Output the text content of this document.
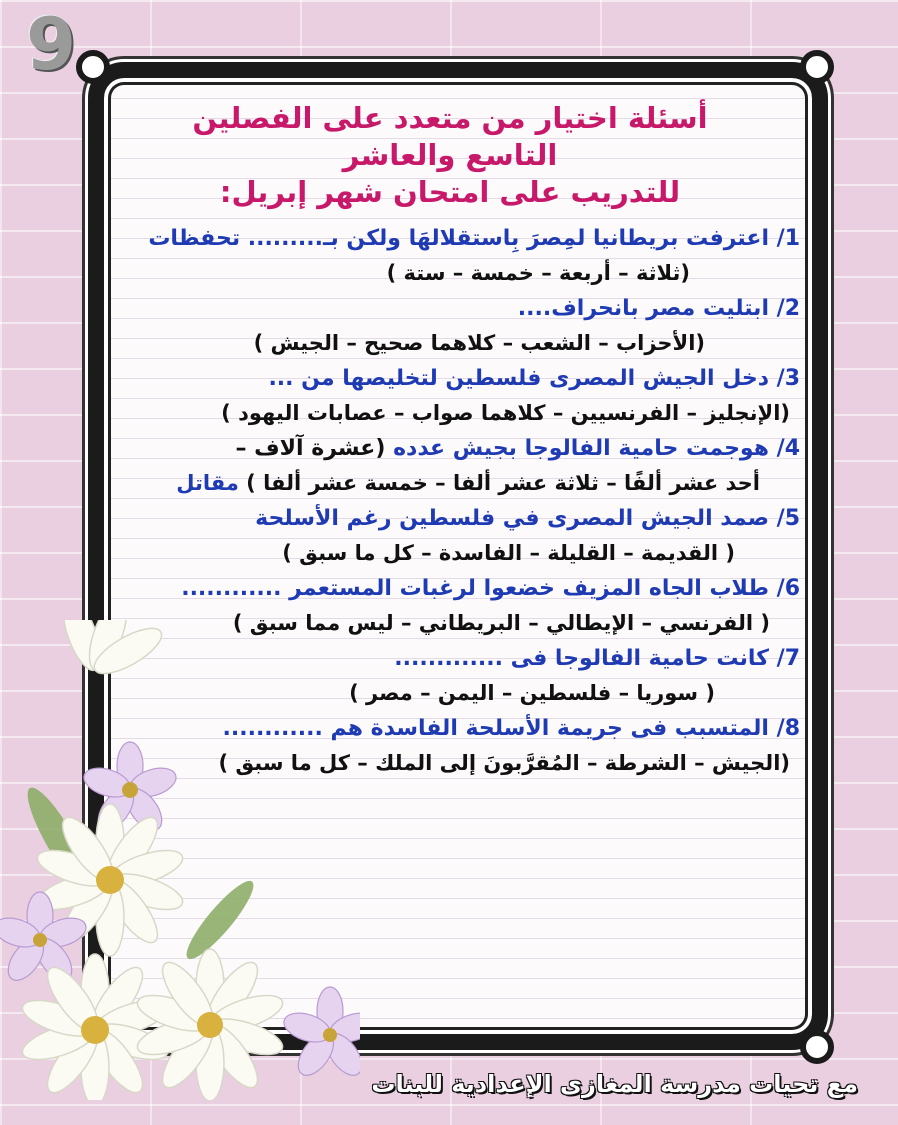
9
أسئلة اختيار من متعدد على الفصلين
التاسع والعاشر
للتدريب على امتحان شهر إبريل:
1/ اعترفت بريطانيا لمِصرَ بِاستقلالهَا ولكن بـ......... تحفظات
(ثلاثة – أربعة – خمسة – ستة )
2/ ابتليت مصر بانحراف....
(الأحزاب – الشعب – كلاهما صحيح – الجيش )
3/ دخل الجيش المصرى فلسطين لتخليصها من ...
(الإنجليز – الفرنسيين – كلاهما صواب – عصابات اليهود )
4/ هوجمت حامية الفالوجا بجيش عدده (عشرة آلاف –
أحد عشر ألفًا – ثلاثة عشر ألفا – خمسة عشر ألفا ) مقاتل
5/ صمد الجيش المصرى في فلسطين رغم الأسلحة
( القديمة – القليلة – الفاسدة – كل ما سبق )
6/ طلاب الجاه المزيف خضعوا لرغبات المستعمر ............
( الفرنسي – الإيطالي – البريطاني – ليس مما سبق )
7/ كانت حامية الفالوجا فى .............
( سوريا – فلسطين – اليمن – مصر )
8/ المتسبب فى جريمة الأسلحة الفاسدة هم ............
(الجيش – الشرطة – المُقرَّبونَ إلى الملك – كل ما سبق )
مع تحيات مدرسة المغازى الإعدادية للبنات
